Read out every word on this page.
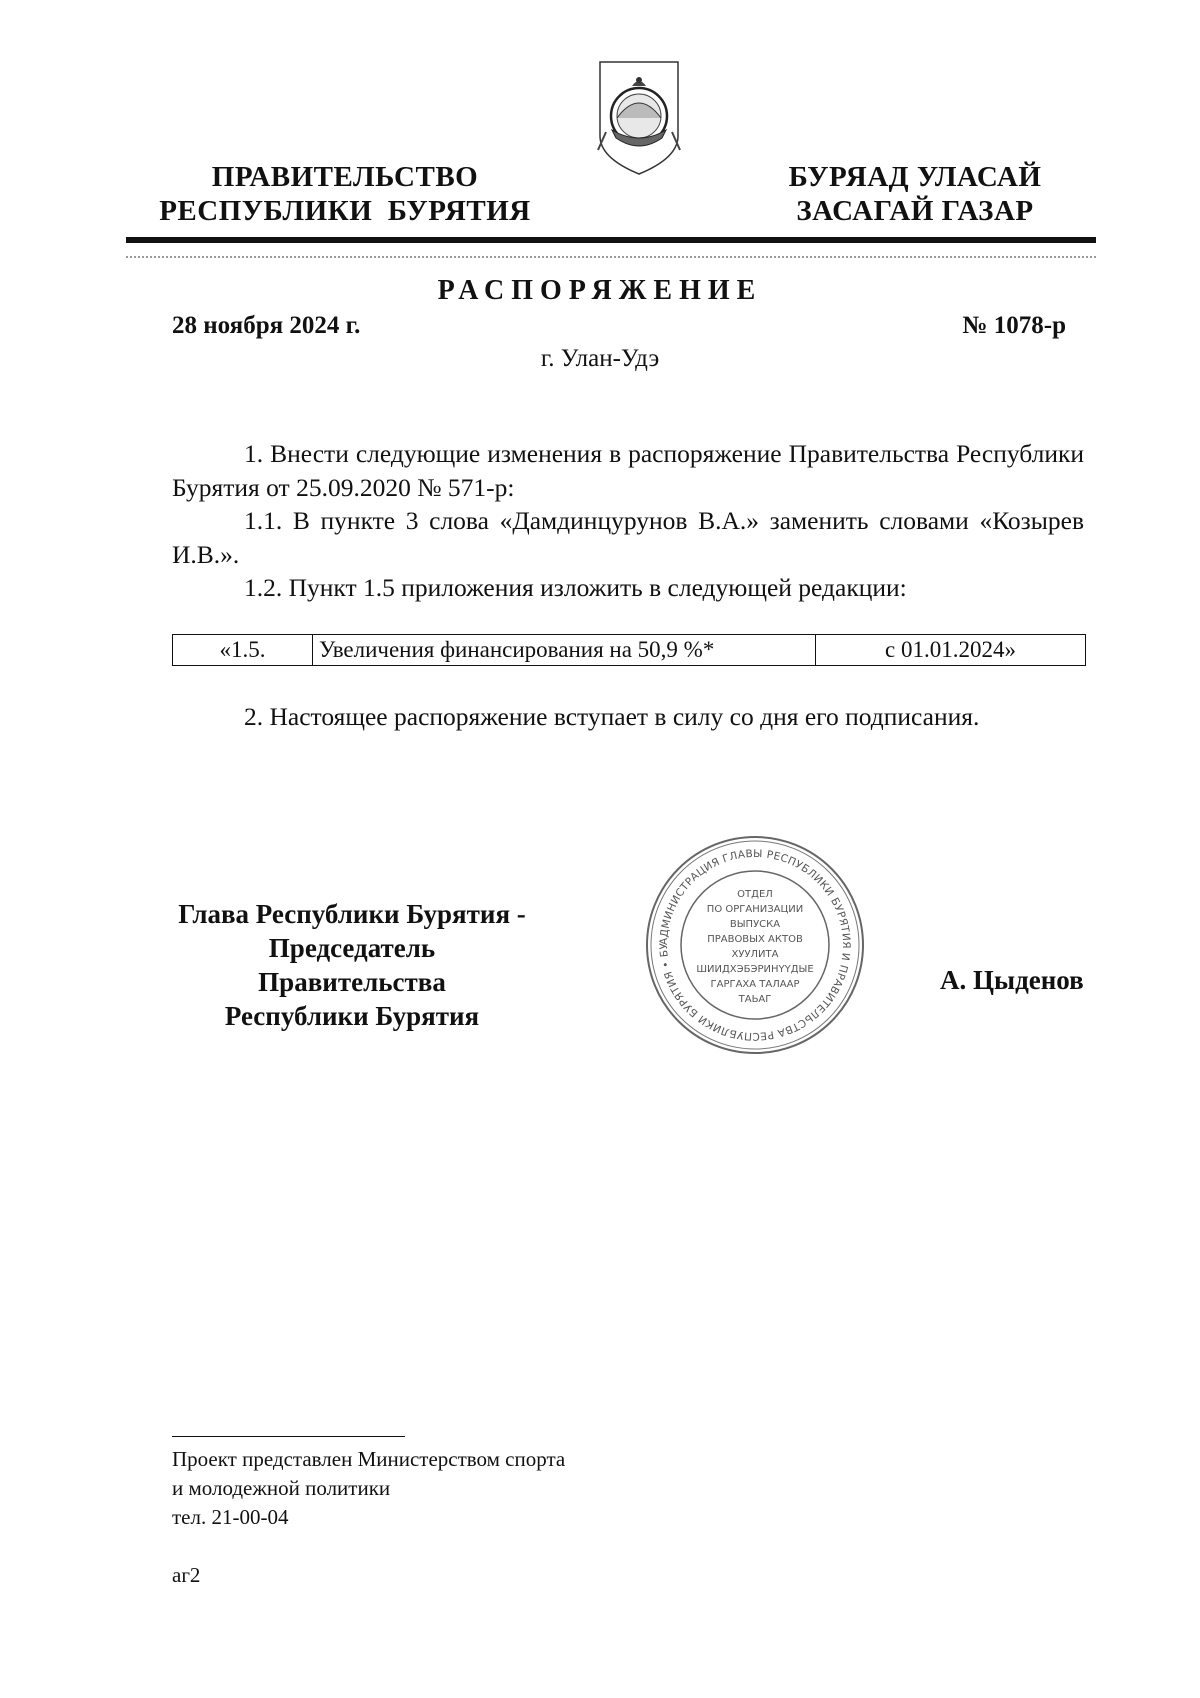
ПРАВИТЕЛЬСТВО
РЕСПУБЛИКИ  БУРЯТИЯ
БУРЯАД УЛАСАЙ
ЗАСАГАЙ ГАЗАР
РАСПОРЯЖЕНИЕ
28 ноября 2024 г.	№ 1078-р
г. Улан-Удэ

1. Внести следующие изменения в распоряжение Правительства Республики Бурятия от 25.09.2020 № 571-р:

1.1. В пункте 3 слова «Дамдинцурунов В.А.» заменить словами «Козырев И.В.».

1.2. Пункт 1.5 приложения изложить в следующей редакции:

«1.5.	Увеличения финансирования на 50,9 %*	с 01.01.2024»
2. Настоящее распоряжение вступает в силу со дня его подписания.
Глава Республики Бурятия -
Председатель Правительства
Республики Бурятия
АДМИНИСТРАЦИЯ ГЛАВЫ РЕСПУБЛИКИ БУРЯТИЯ И ПРАВИТЕЛЬСТВА РЕСПУБЛИКИ БУРЯТИЯ • БУ
ОТДЕЛ
ПО ОРГАНИЗАЦИИ
ВЫПУСКА
ПРАВОВЫХ АКТОВ
ХУУЛИТА
ШИИДХЭБЭРИНҮҮДЫЕ
ГАРГАХА ТАЛААР
ТАЬАГ
А. Цыденов
Проект представлен Министерством спорта
и молодежной политики
тел. 21-00-04
аг2
